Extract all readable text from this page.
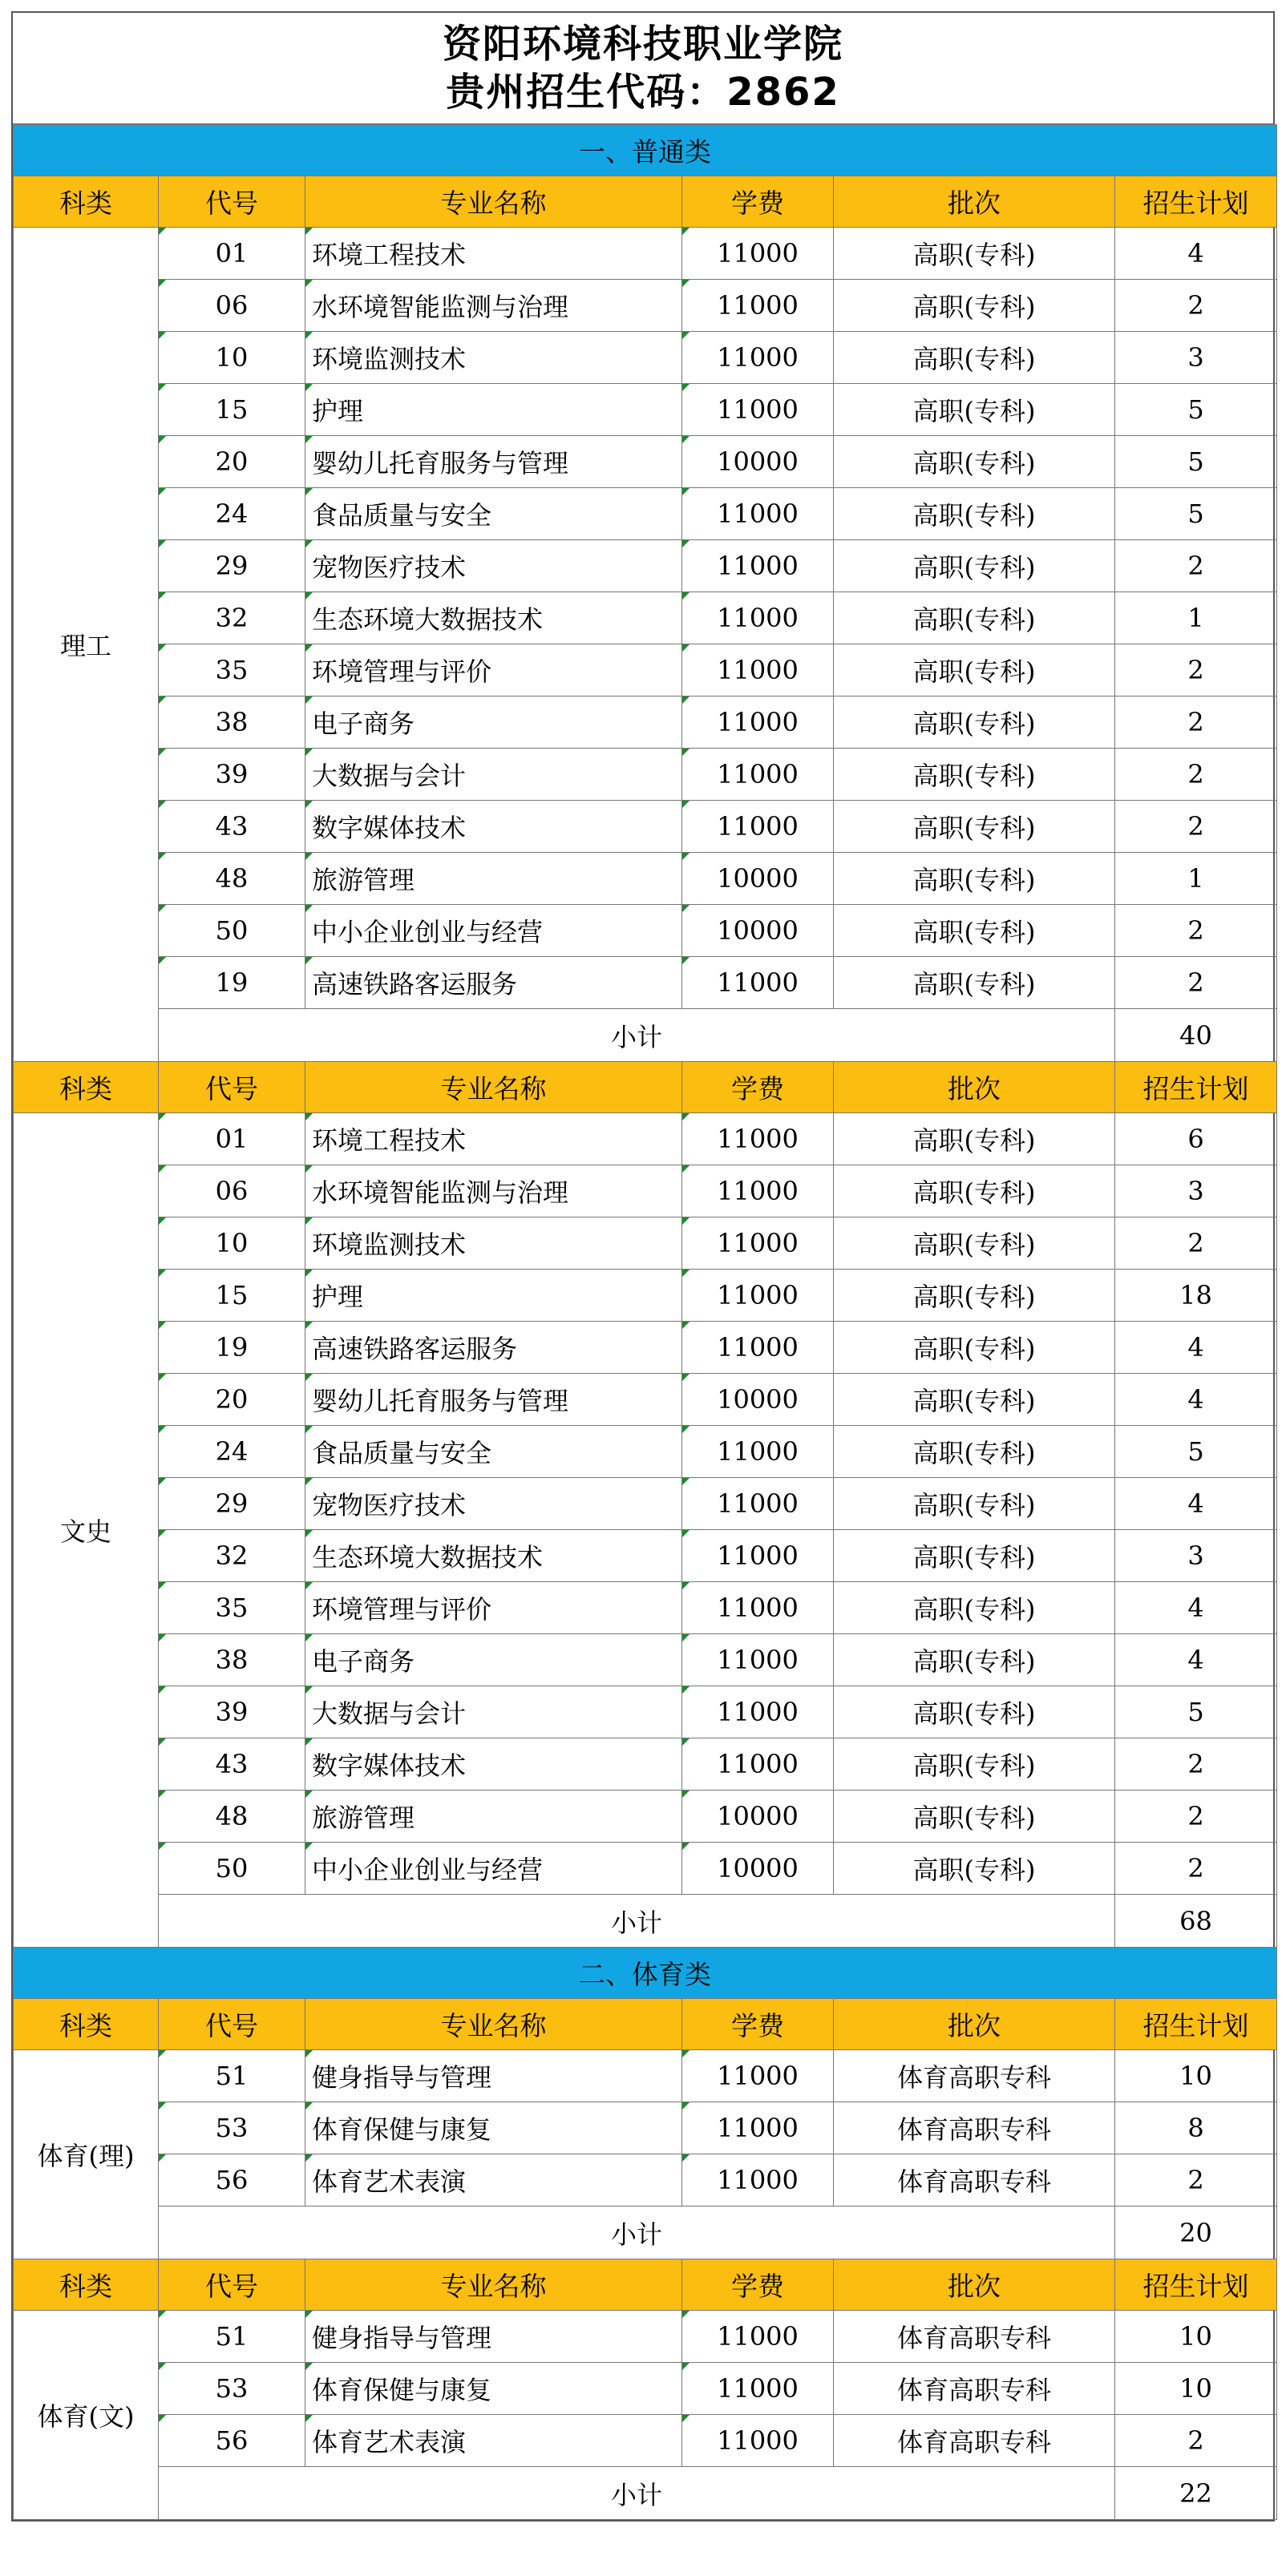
资阳环境科技职业学院
贵州招生代码：2862
一、普通类					
科类	代号	专业名称	学费	批次	招生计划
理工	01	环境工程技术	11000	高职(专科)	4
	06	水环境智能监测与治理	11000	高职(专科)	2
	10	环境监测技术	11000	高职(专科)	3
	15	护理	11000	高职(专科)	5
	20	婴幼儿托育服务与管理	10000	高职(专科)	5
	24	食品质量与安全	11000	高职(专科)	5
	29	宠物医疗技术	11000	高职(专科)	2
	32	生态环境大数据技术	11000	高职(专科)	1
	35	环境管理与评价	11000	高职(专科)	2
	38	电子商务	11000	高职(专科)	2
	39	大数据与会计	11000	高职(专科)	2
	43	数字媒体技术	11000	高职(专科)	2
	48	旅游管理	10000	高职(专科)	1
	50	中小企业创业与经营	10000	高职(专科)	2
	19	高速铁路客运服务	11000	高职(专科)	2
	小计				40
科类	代号	专业名称	学费	批次	招生计划
文史	01	环境工程技术	11000	高职(专科)	6
	06	水环境智能监测与治理	11000	高职(专科)	3
	10	环境监测技术	11000	高职(专科)	2
	15	护理	11000	高职(专科)	18
	19	高速铁路客运服务	11000	高职(专科)	4
	20	婴幼儿托育服务与管理	10000	高职(专科)	4
	24	食品质量与安全	11000	高职(专科)	5
	29	宠物医疗技术	11000	高职(专科)	4
	32	生态环境大数据技术	11000	高职(专科)	3
	35	环境管理与评价	11000	高职(专科)	4
	38	电子商务	11000	高职(专科)	4
	39	大数据与会计	11000	高职(专科)	5
	43	数字媒体技术	11000	高职(专科)	2
	48	旅游管理	10000	高职(专科)	2
	50	中小企业创业与经营	10000	高职(专科)	2
	小计				68
二、体育类					
科类	代号	专业名称	学费	批次	招生计划
体育(理)	51	健身指导与管理	11000	体育高职专科	10
	53	体育保健与康复	11000	体育高职专科	8
	56	体育艺术表演	11000	体育高职专科	2
	小计				20
科类	代号	专业名称	学费	批次	招生计划
体育(文)	51	健身指导与管理	11000	体育高职专科	10
	53	体育保健与康复	11000	体育高职专科	10
	56	体育艺术表演	11000	体育高职专科	2
	小计				22
